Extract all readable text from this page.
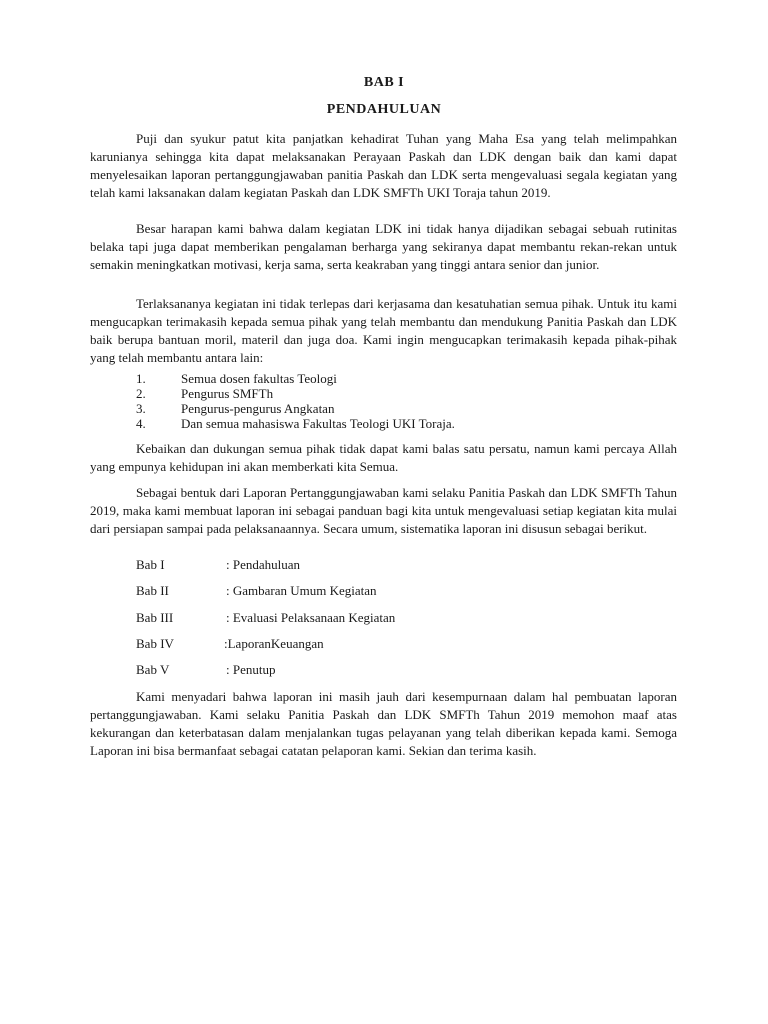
BAB I
PENDAHULUAN

Puji dan syukur patut kita panjatkan kehadirat Tuhan yang Maha Esa yang telah melimpahkan karunianya sehingga kita dapat melaksanakan Perayaan Paskah dan LDK dengan baik dan kami dapat menyelesaikan laporan pertanggungjawaban panitia Paskah dan LDK serta mengevaluasi segala kegiatan yang telah kami laksanakan dalam kegiatan Paskah dan LDK SMFTh UKI Toraja tahun 2019.

Besar harapan kami bahwa dalam kegiatan LDK ini tidak hanya dijadikan sebagai sebuah rutinitas belaka tapi juga dapat memberikan pengalaman berharga yang sekiranya dapat membantu rekan-rekan untuk semakin meningkatkan motivasi, kerja sama, serta keakraban yang tinggi antara senior dan junior.

Terlaksananya kegiatan ini tidak terlepas dari kerjasama dan kesatuhatian semua pihak. Untuk itu kami mengucapkan terimakasih kepada semua pihak yang telah membantu dan mendukung Panitia Paskah dan LDK baik berupa bantuan moril, materil dan juga doa. Kami ingin mengucapkan terimakasih kepada pihak-pihak yang telah membantu antara lain:

1.	Semua dosen fakultas Teologi
2.	Pengurus SMFTh
3.	Pengurus-pengurus Angkatan
4.	Dan semua mahasiswa Fakultas Teologi UKI Toraja.

Kebaikan dan dukungan semua pihak tidak dapat kami balas satu persatu, namun kami percaya Allah yang empunya kehidupan ini akan memberkati kita Semua.

Sebagai bentuk dari Laporan Pertanggungjawaban kami selaku Panitia Paskah dan LDK SMFTh Tahun 2019, maka kami membuat laporan ini sebagai panduan bagi kita untuk mengevaluasi setiap kegiatan kita mulai dari persiapan sampai pada pelaksanaannya. Secara umum, sistematika laporan ini disusun sebagai berikut.

Bab I	: Pendahuluan
Bab II	: Gambaran Umum Kegiatan
Bab III	: Evaluasi Pelaksanaan Kegiatan
Bab IV	:LaporanKeuangan
Bab V	: Penutup

Kami menyadari bahwa laporan ini masih jauh dari kesempurnaan dalam hal pembuatan laporan pertanggungjawaban. Kami selaku Panitia Paskah dan LDK SMFTh Tahun 2019 memohon maaf atas kekurangan dan keterbatasan dalam menjalankan tugas pelayanan yang telah diberikan kepada kami. Semoga Laporan ini bisa bermanfaat sebagai catatan pelaporan kami. Sekian dan terima kasih.
